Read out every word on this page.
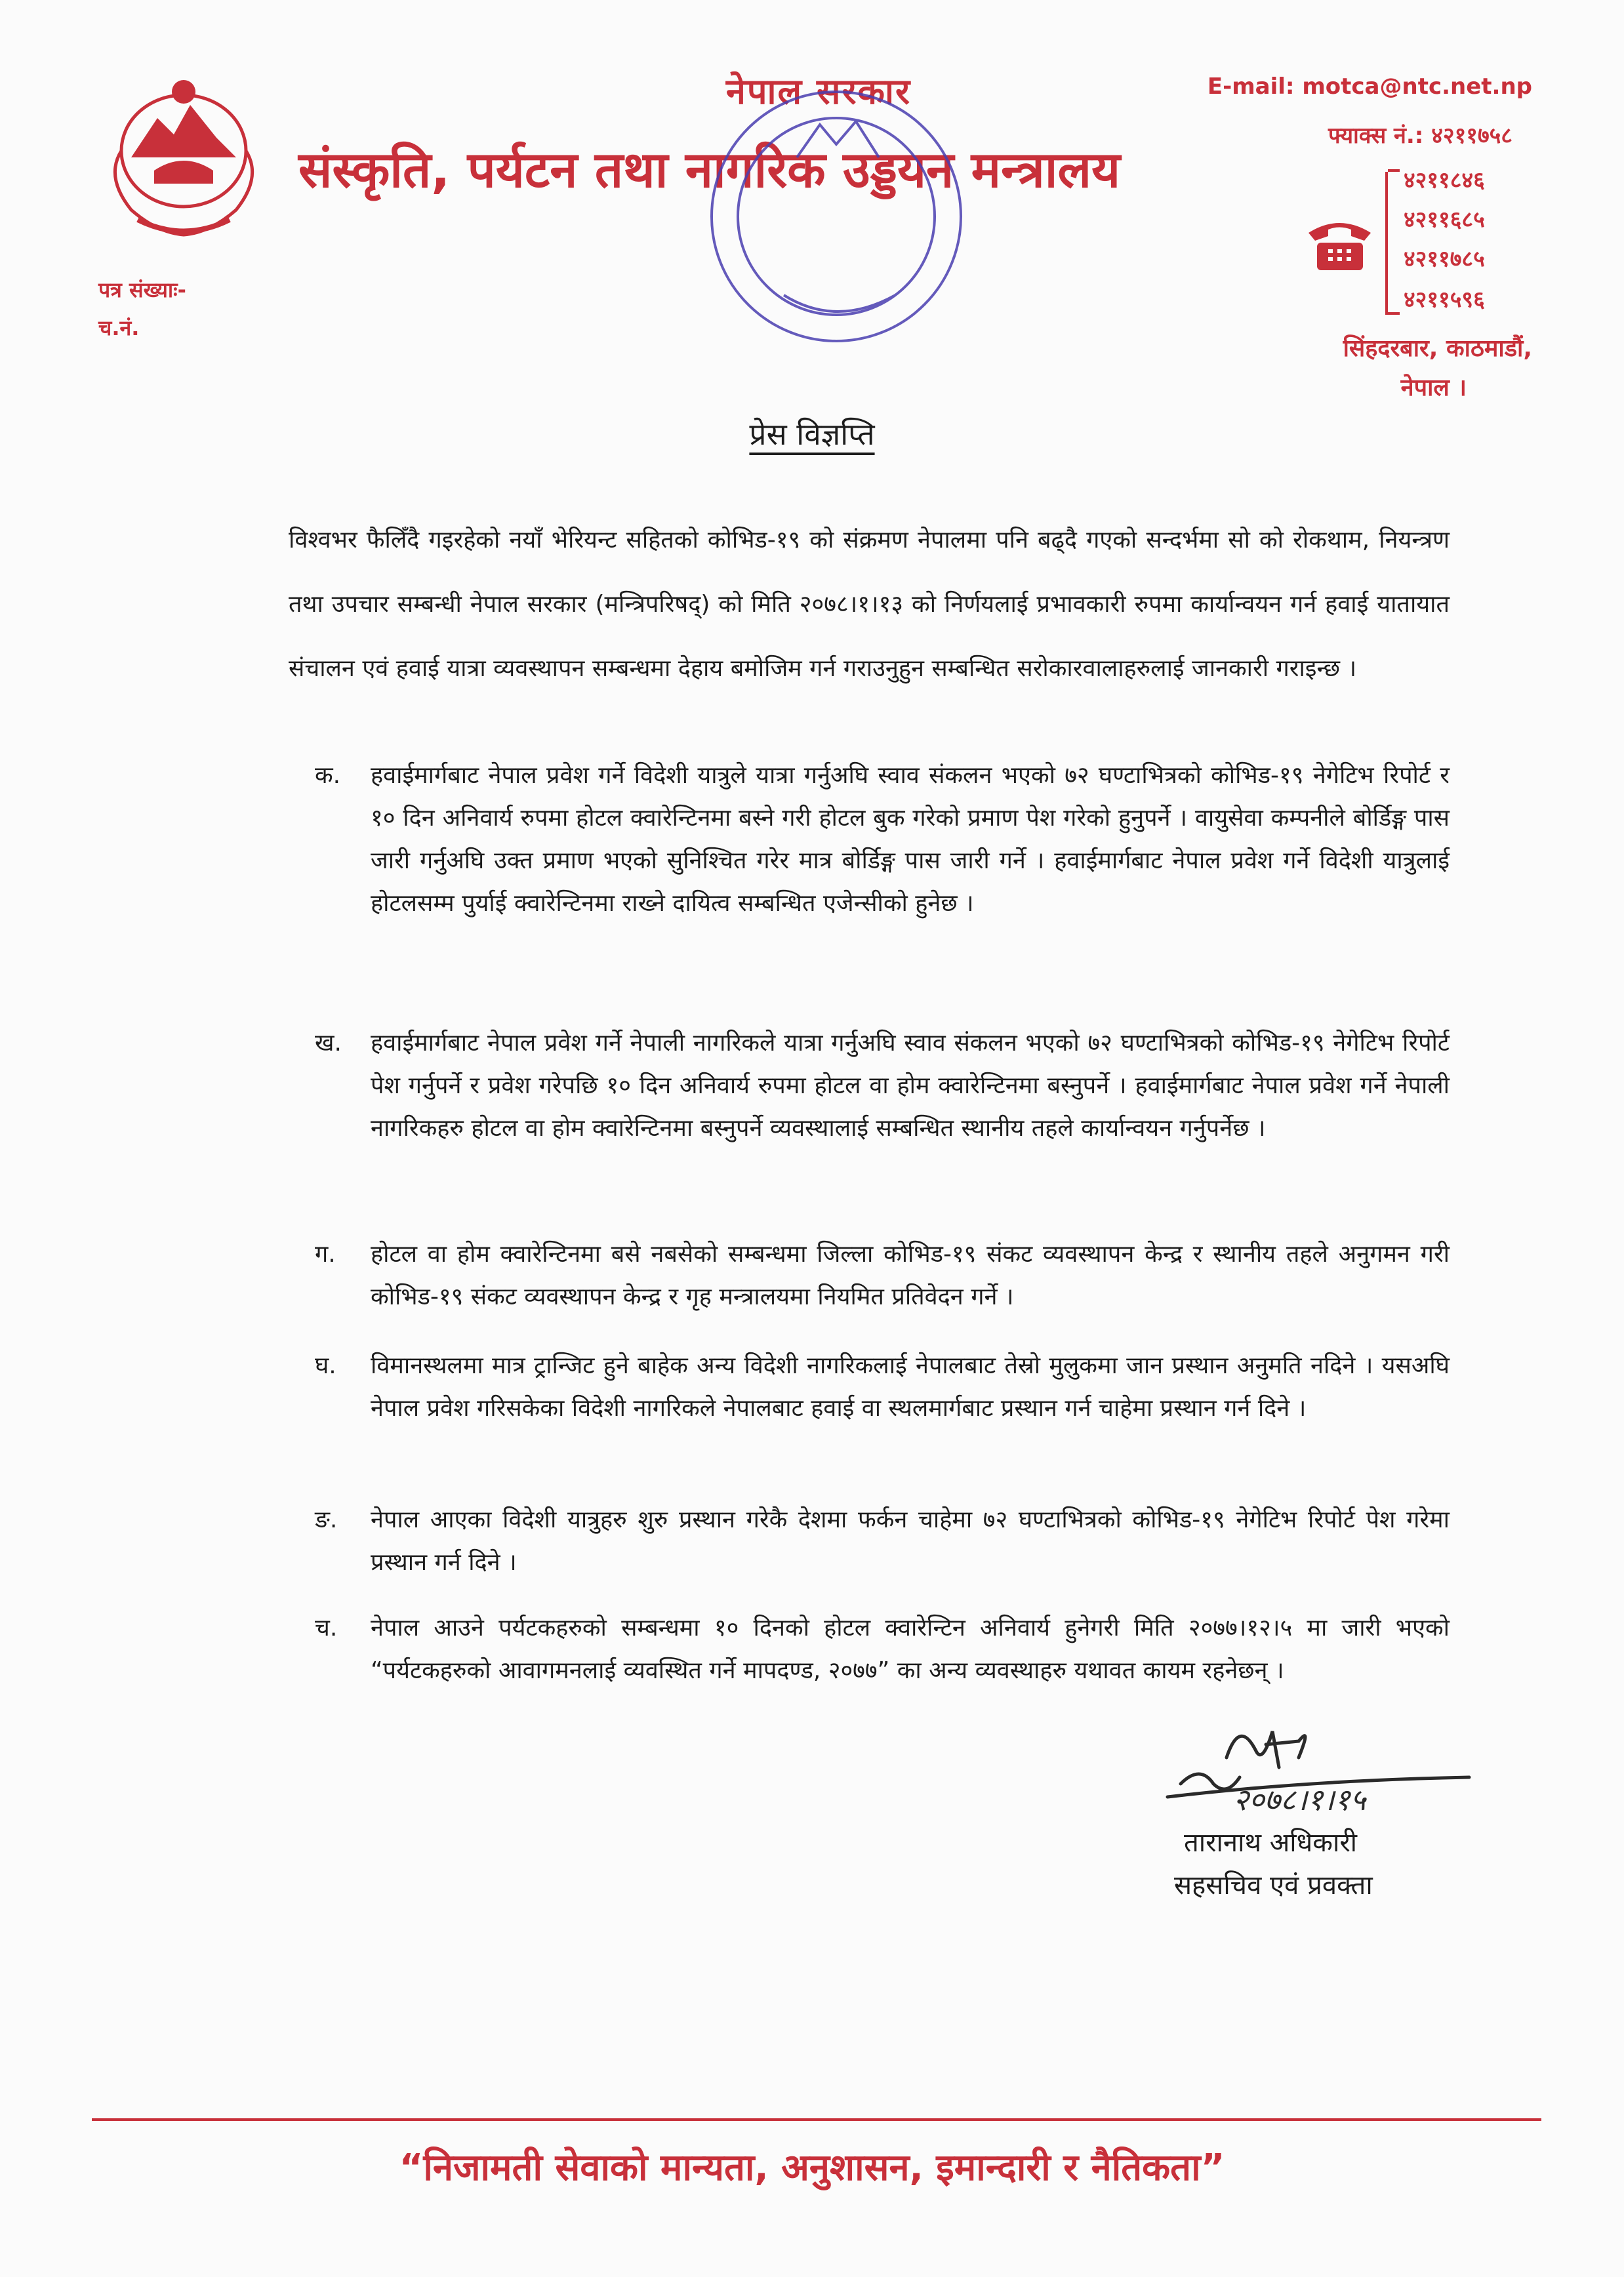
नेपाल सरकार
संस्कृति, पर्यटन तथा नागरिक उड्डयन मन्त्रालय
E-mail: motca@ntc.net.np
फ्याक्स नं.: ४२११७५८
४२११८४६
४२११६८५
४२११७८५
४२११५९६
सिंहदरबार, काठमाडौं,
नेपाल ।
पत्र संख्याः-
च.नं.
प्रेस विज्ञप्ति
विश्वभर फैलिँदै गइरहेको नयाँ भेरियन्ट सहितको कोभिड-१९ को संक्रमण नेपालमा पनि बढ्दै गएको सन्दर्भमा सो को रोकथाम, नियन्त्रण तथा उपचार सम्बन्धी नेपाल सरकार (मन्त्रिपरिषद्) को मिति २०७८।१।१३ को निर्णयलाई प्रभावकारी रुपमा कार्यान्वयन गर्न हवाई यातायात संचालन एवं हवाई यात्रा व्यवस्थापन सम्बन्धमा देहाय बमोजिम गर्न गराउनुहुन सम्बन्धित सरोकारवालाहरुलाई जानकारी गराइन्छ ।
क.	हवाईमार्गबाट नेपाल प्रवेश गर्ने विदेशी यात्रुले यात्रा गर्नुअघि स्वाव संकलन भएको ७२ घण्टाभित्रको कोभिड-१९ नेगेटिभ रिपोर्ट र १० दिन अनिवार्य रुपमा होटल क्वारेन्टिनमा बस्ने गरी होटल बुक गरेको प्रमाण पेश गरेको हुनुपर्ने । वायुसेवा कम्पनीले बोर्डिङ्ग पास जारी गर्नुअघि उक्त प्रमाण भएको सुनिश्चित गरेर मात्र बोर्डिङ्ग पास जारी गर्ने । हवाईमार्गबाट नेपाल प्रवेश गर्ने विदेशी यात्रुलाई होटलसम्म पुर्याई क्वारेन्टिनमा राख्ने दायित्व सम्बन्धित एजेन्सीको हुनेछ ।
ख.	हवाईमार्गबाट नेपाल प्रवेश गर्ने नेपाली नागरिकले यात्रा गर्नुअघि स्वाव संकलन भएको ७२ घण्टाभित्रको कोभिड-१९ नेगेटिभ रिपोर्ट पेश गर्नुपर्ने र प्रवेश गरेपछि १० दिन अनिवार्य रुपमा होटल वा होम क्वारेन्टिनमा बस्नुपर्ने । हवाईमार्गबाट नेपाल प्रवेश गर्ने नेपाली नागरिकहरु होटल वा होम क्वारेन्टिनमा बस्नुपर्ने व्यवस्थालाई सम्बन्धित स्थानीय तहले कार्यान्वयन गर्नुपर्नेछ ।
ग.	होटल वा होम क्वारेन्टिनमा बसे नबसेको सम्बन्धमा जिल्ला कोभिड-१९ संकट व्यवस्थापन केन्द्र र स्थानीय तहले अनुगमन गरी कोभिड-१९ संकट व्यवस्थापन केन्द्र र गृह मन्त्रालयमा नियमित प्रतिवेदन गर्ने ।
घ.	विमानस्थलमा मात्र ट्रान्जिट हुने बाहेक अन्य विदेशी नागरिकलाई नेपालबाट तेस्रो मुलुकमा जान प्रस्थान अनुमति नदिने । यसअघि नेपाल प्रवेश गरिसकेका विदेशी नागरिकले नेपालबाट हवाई वा स्थलमार्गबाट प्रस्थान गर्न चाहेमा प्रस्थान गर्न दिने ।
ङ.	नेपाल आएका विदेशी यात्रुहरु शुरु प्रस्थान गरेकै देशमा फर्कन चाहेमा ७२ घण्टाभित्रको कोभिड-१९ नेगेटिभ रिपोर्ट पेश गरेमा प्रस्थान गर्न दिने ।
च.	नेपाल आउने पर्यटकहरुको सम्बन्धमा १० दिनको होटल क्वारेन्टिन अनिवार्य हुनेगरी मिति २०७७।१२।५ मा जारी भएको “पर्यटकहरुको आवागमनलाई व्यवस्थित गर्ने मापदण्ड, २०७७” का अन्य व्यवस्थाहरु यथावत कायम रहनेछन् ।
२०७८।१।१५
तारानाथ अधिकारी
सहसचिव एवं प्रवक्ता
“निजामती सेवाको मान्यता, अनुशासन, इमान्दारी र नैतिकता”
